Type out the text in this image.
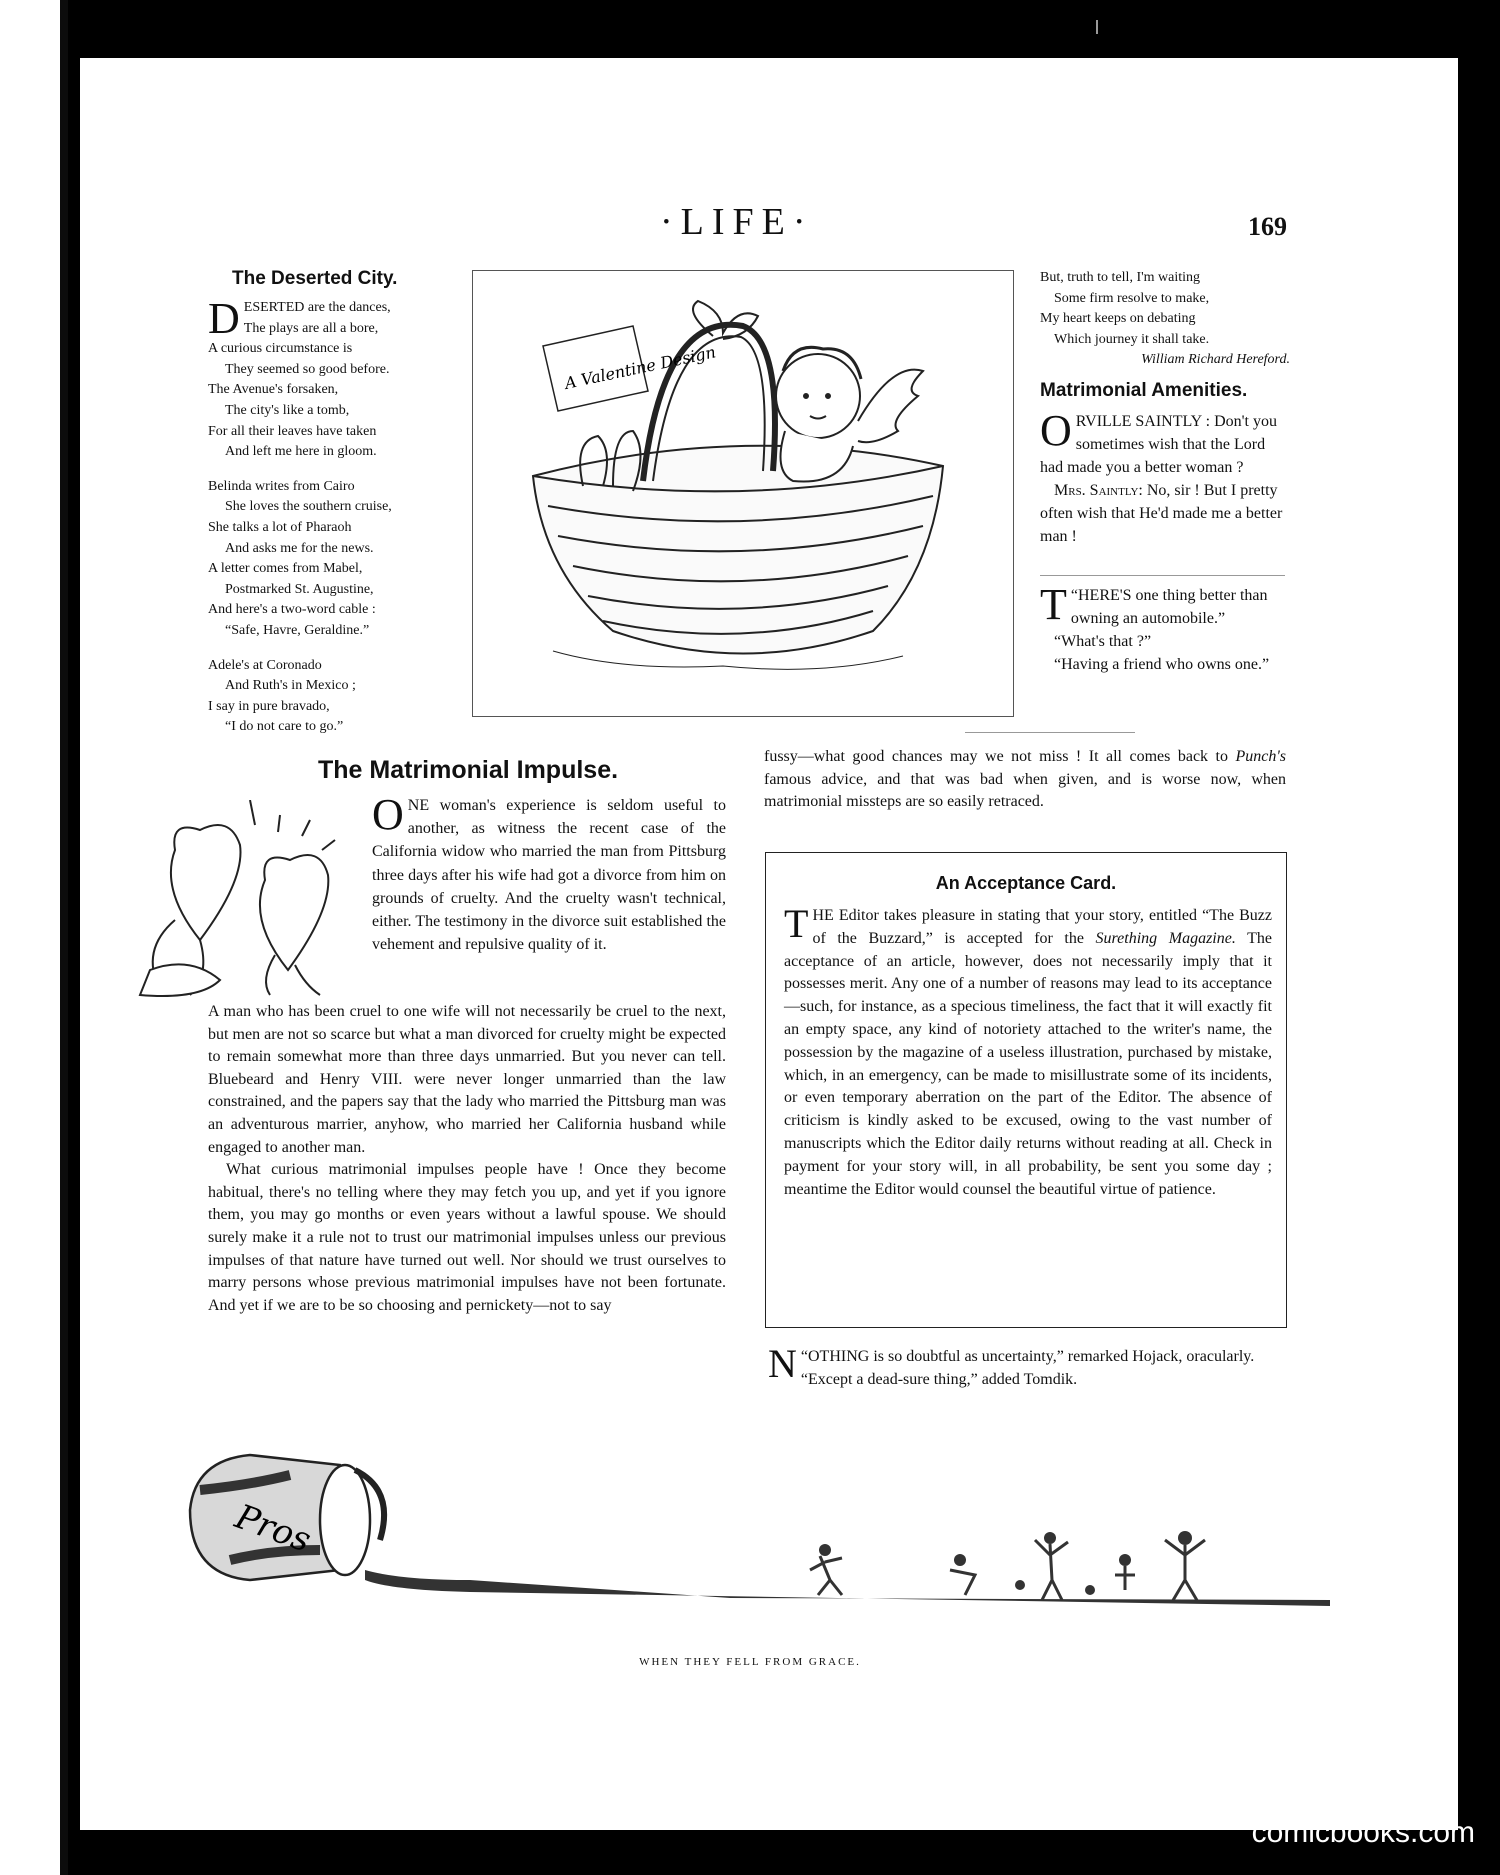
·LIFE·	169
The Deserted City.
D ESERTED are the dances,
The plays are all a bore,
A curious circumstance is
They seemed so good before.
The Avenue's forsaken,
The city's like a tomb,
For all their leaves have taken
And left me here in gloom.
Belinda writes from Cairo
She loves the southern cruise,
She talks a lot of Pharaoh
And asks me for the news.
A letter comes from Mabel,
Postmarked St. Augustine,
And here's a two-word cable :
“Safe, Havre, Geraldine.”
Adele's at Coronado
And Ruth's in Mexico ;
I say in pure bravado,
“I do not care to go.”
A Valentine Design
But, truth to tell, I'm waiting
Some firm resolve to make,
My heart keeps on debating
Which journey it shall take.
William Richard Hereford.
Matrimonial Amenities.
ORVILLE SAINTLY : Don't you sometimes wish that the Lord had made you a better woman ?
Mrs. Saintly: No, sir ! But I pretty often wish that He'd made me a better man !
“
T HERE'S one thing better than owning an automobile.”
“What's that ?”
“Having a friend who owns one.”
The Matrimonial Impulse.
ONE woman's experience is seldom useful to another, as witness the recent case of the California widow who married the man from Pittsburg three days after his wife had got a divorce from him on grounds of cruelty. And the cruelty wasn't technical, either. The testimony in the divorce suit established the vehement and repulsive quality of it.

A man who has been cruel to one wife will not necessarily be cruel to the next, but men are not so scarce but what a man divorced for cruelty might be expected to remain somewhat more than three days unmarried. But you never can tell. Bluebeard and Henry VIII. were never longer unmarried than the law constrained, and the papers say that the lady who married the Pittsburg man was an adventurous marrier, anyhow, who married her California husband while engaged to another man.

What curious matrimonial impulses people have ! Once they become habitual, there's no telling where they may fetch you up, and yet if you ignore them, you may go months or even years without a lawful spouse. We should surely make it a rule not to trust our matrimonial impulses unless our previous impulses of that nature have turned out well. Nor should we trust ourselves to marry persons whose previous matrimonial impulses have not been fortunate. And yet if we are to be so choosing and pernickety—not to say

fussy—what good chances may we not miss ! It all comes back to Punch's famous advice, and that was bad when given, and is worse now, when matrimonial missteps are so easily retraced.
An Acceptance Card.
THE Editor takes pleasure in stating that your story, entitled “The Buzz of the Buzzard,” is accepted for the Surething Magazine. The acceptance of an article, however, does not necessarily imply that it possesses merit. Any one of a number of reasons may lead to its acceptance—such, for instance, as a specious timeliness, the fact that it will exactly fit an empty space, any kind of notoriety attached to the writer's name, the possession by the magazine of a useless illustration, purchased by mistake, which, in an emergency, can be made to misillustrate some of its incidents, or even temporary aberration on the part of the Editor. The absence of criticism is kindly asked to be excused, owing to the vast number of manuscripts which the Editor daily returns without reading at all. Check in payment for your story will, in all probability, be sent you some day ; meantime the Editor would counsel the beautiful virtue of patience.
“
N OTHING is so doubtful as uncertainty,” remarked Hojack, oracularly.
“Except a dead-sure thing,” added Tomdik.
Pros
WHEN THEY FELL FROM GRACE.
comicbooks.com
